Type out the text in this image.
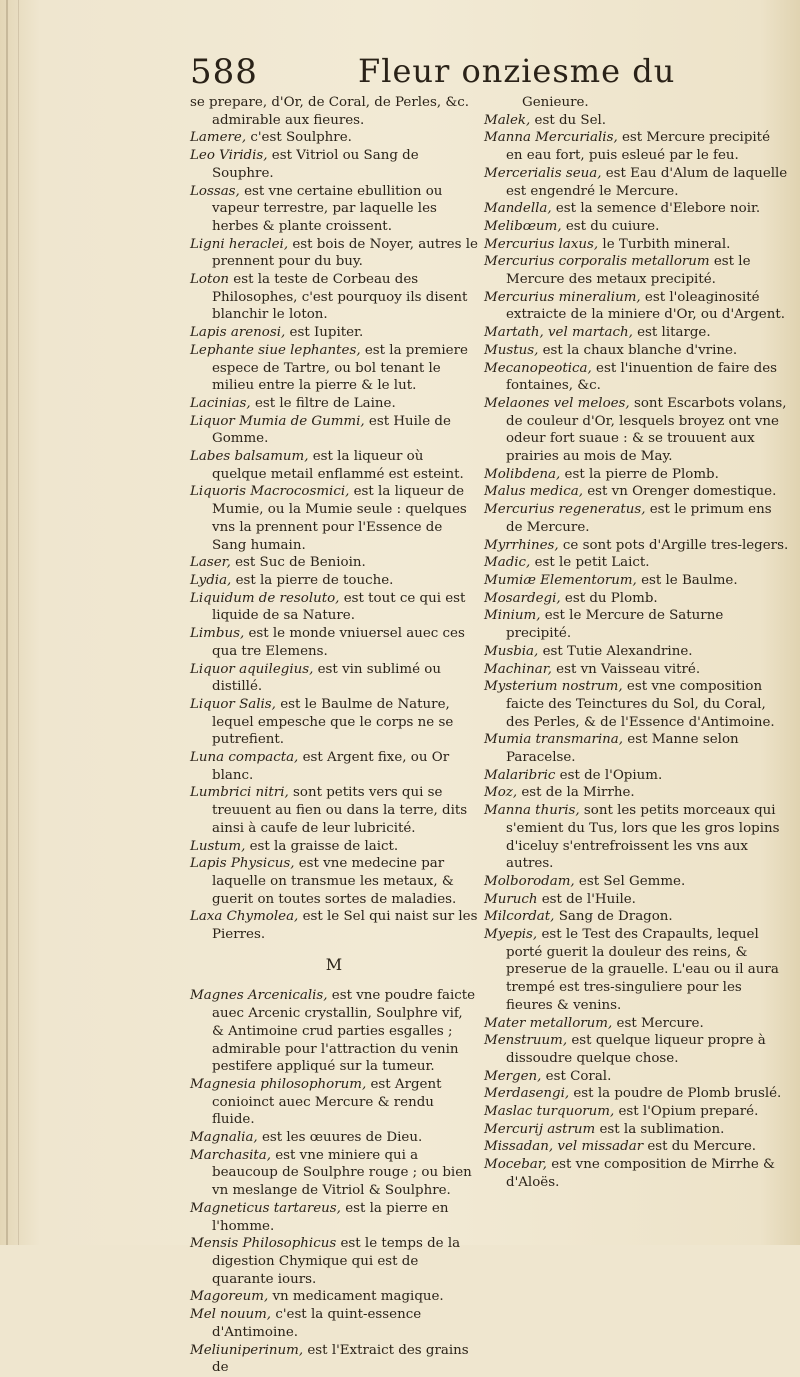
588	Fleur onziesme du

se prepare, d'Or, de Coral, de Perles, &c. admirable aux fieures.

Lamere, c'est Soulphre.

Leo Viridis, est Vitriol ou Sang de Souphre.

Lossas, est vne certaine ebullition ou vapeur terrestre, par laquelle les herbes & plante croissent.

Ligni heraclei, est bois de Noyer, autres le prennent pour du buy.

Loton est la teste de Corbeau des Philosophes, c'est pourquoy ils disent blanchir le loton.

Lapis arenosi, est Iupiter.

Lephante siue lephantes, est la premiere espece de Tartre, ou bol tenant le milieu entre la pierre & le lut.

Lacinias, est le filtre de Laine.

Liquor Mumia de Gummi, est Huile de Gomme.

Labes balsamum, est la liqueur où quelque metail enflammé est esteint.

Liquoris Macrocosmici, est la liqueur de Mumie, ou la Mumie seule : quelques vns la prennent pour l'Essence de Sang humain.

Laser, est Suc de Benioin.

Lydia, est la pierre de touche.

Liquidum de resoluto, est tout ce qui est liquide de sa Nature.

Limbus, est le monde vniuersel auec ces qua tre Elemens.

Liquor aquilegius, est vin sublimé ou distillé.

Liquor Salis, est le Baulme de Nature, lequel empesche que le corps ne se putrefient.

Luna compacta, est Argent fixe, ou Or blanc.

Lumbrici nitri, sont petits vers qui se treuuent au fien ou dans la terre, dits ainsi à caufe de leur lubricité.

Lustum, est la graisse de laict.

Lapis Physicus, est vne medecine par laquelle on transmue les metaux, & guerit on toutes sortes de maladies.

Laxa Chymolea, est le Sel qui naist sur les Pierres.

M

Magnes Arcenicalis, est vne poudre faicte auec Arcenic crystallin, Soulphre vif, & Antimoine crud parties esgalles ; admirable pour l'attraction du venin pestifere appliqué sur la tumeur.

Magnesia philosophorum, est Argent conioinct auec Mercure & rendu fluide.

Magnalia, est les œuures de Dieu.

Marchasita, est vne miniere qui a beaucoup de Soulphre rouge ; ou bien vn meslange de Vitriol & Soulphre.

Magneticus tartareus, est la pierre en l'homme.

Mensis Philosophicus est le temps de la digestion Chymique qui est de quarante iours.

Magoreum, vn medicament magique.

Mel nouum, c'est la quint-essence d'Antimoine.

Meliuniperinum, est l'Extraict des grains de

Genieure.

Malek, est du Sel.

Manna Mercurialis, est Mercure precipité en eau fort, puis esleué par le feu.

Mercerialis seua, est Eau d'Alum de laquelle est engendré le Mercure.

Mandella, est la semence d'Elebore noir.

Melibœum, est du cuiure.

Mercurius laxus, le Turbith mineral.

Mercurius corporalis metallorum est le Mercure des metaux precipité.

Mercurius mineralium, est l'oleaginosité extraicte de la miniere d'Or, ou d'Argent.

Martath, vel martach, est litarge.

Mustus, est la chaux blanche d'vrine.

Mecanopeotica, est l'inuention de faire des fontaines, &c.

Melaones vel meloes, sont Escarbots volans, de couleur d'Or, lesquels broyez ont vne odeur fort suaue : & se trouuent aux prairies au mois de May.

Molibdena, est la pierre de Plomb.

Malus medica, est vn Orenger domestique.

Mercurius regeneratus, est le primum ens de Mercure.

Myrrhines, ce sont pots d'Argille tres-legers.

Madic, est le petit Laict.

Mumiæ Elementorum, est le Baulme.

Mosardegi, est du Plomb.

Minium, est le Mercure de Saturne precipité.

Musbia, est Tutie Alexandrine.

Machinar, est vn Vaisseau vitré.

Mysterium nostrum, est vne composition faicte des Teinctures du Sol, du Coral, des Perles, & de l'Essence d'Antimoine.

Mumia transmarina, est Manne selon Paracelse.

Malaribric est de l'Opium.

Moz, est de la Mirrhe.

Manna thuris, sont les petits morceaux qui s'emient du Tus, lors que les gros lopins d'iceluy s'entrefroissent les vns aux autres.

Molborodam, est Sel Gemme.

Muruch est de l'Huile.

Milcordat, Sang de Dragon.

Myepis, est le Test des Crapaults, lequel porté guerit la douleur des reins, & preserue de la grauelle. L'eau ou il aura trempé est tres-singuliere pour les fieures & venins.

Mater metallorum, est Mercure.

Menstruum, est quelque liqueur propre à dissoudre quelque chose.

Mergen, est Coral.

Merdasengi, est la poudre de Plomb bruslé.

Maslac turquorum, est l'Opium preparé.

Mercurij astrum est la sublimation.

Missadan, vel missadar est du Mercure.

Mocebar, est vne composition de Mirrhe & d'Aloës.
